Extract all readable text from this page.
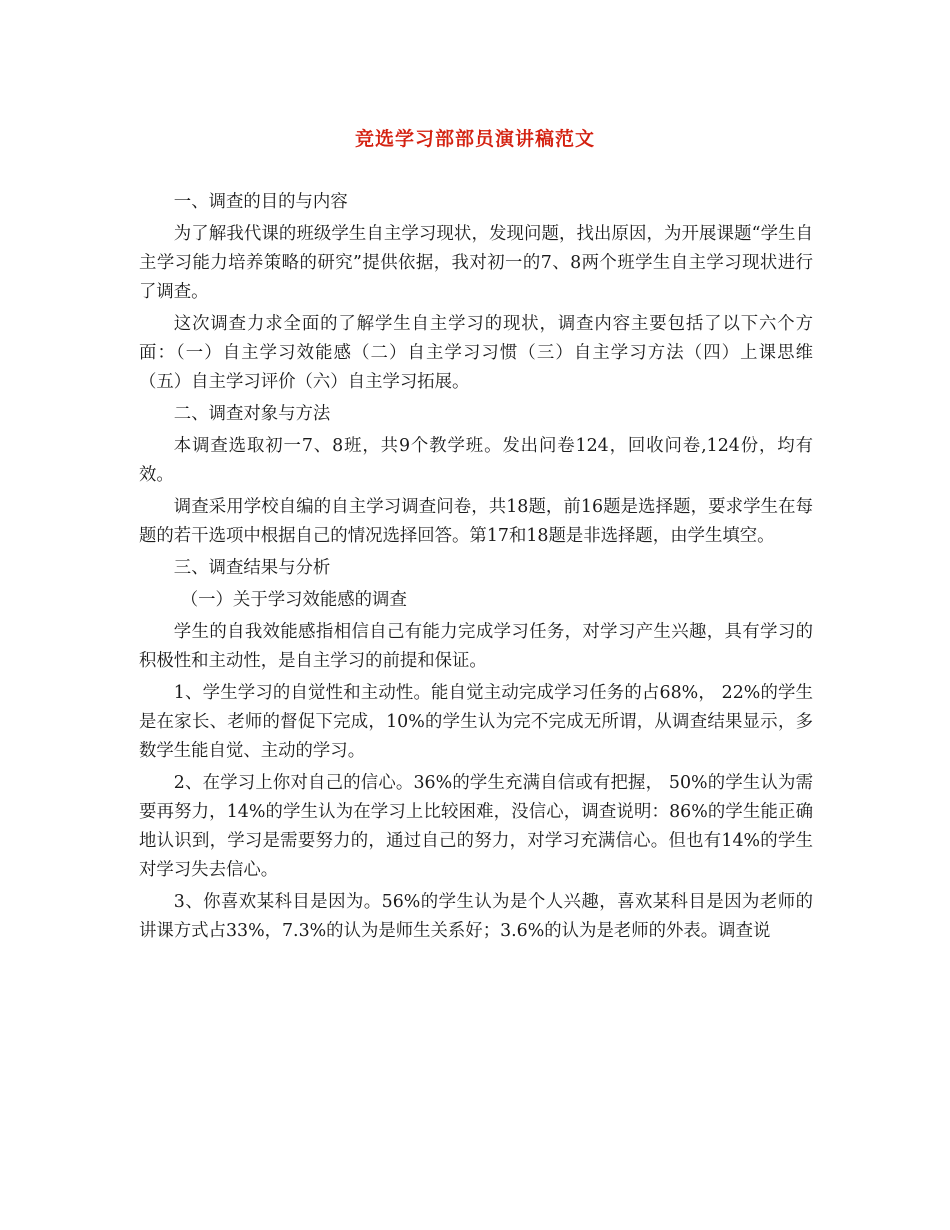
竞选学习部部员演讲稿范文

一、调查的目的与内容

为了解我代课的班级学生自主学习现状，发现问题，找出原因，为开展课题“学生自主学习能力培养策略的研究”提供依据，我对初一的7、8两个班学生自主学习现状进行了调查。

这次调查力求全面的了解学生自主学习的现状，调查内容主要包括了以下六个方面：（一）自主学习效能感（二）自主学习习惯（三）自主学习方法（四）上课思维（五）自主学习评价（六）自主学习拓展。

二、调查对象与方法

本调查选取初一7、8班，共9个教学班。发出问卷124，回收问卷,124份，均有效。

调查采用学校自编的自主学习调查问卷，共18题，前16题是选择题，要求学生在每题的若干选项中根据自己的情况选择回答。第17和18题是非选择题，由学生填空。

三、调查结果与分析

（一）关于学习效能感的调查

学生的自我效能感指相信自己有能力完成学习任务，对学习产生兴趣，具有学习的积极性和主动性，是自主学习的前提和保证。

1、学生学习的自觉性和主动性。能自觉主动完成学习任务的占68%， 22%的学生是在家长、老师的督促下完成，10%的学生认为完不完成无所谓，从调查结果显示，多数学生能自觉、主动的学习。

2、在学习上你对自己的信心。36%的学生充满自信或有把握， 50%的学生认为需要再努力，14%的学生认为在学习上比较困难，没信心，调查说明：86%的学生能正确地认识到，学习是需要努力的，通过自己的努力，对学习充满信心。但也有14%的学生对学习失去信心。

3、你喜欢某科目是因为。56%的学生认为是个人兴趣，喜欢某科目是因为老师的讲课方式占33%，7.3%的认为是师生关系好；3.6%的认为是老师的外表。调查说
